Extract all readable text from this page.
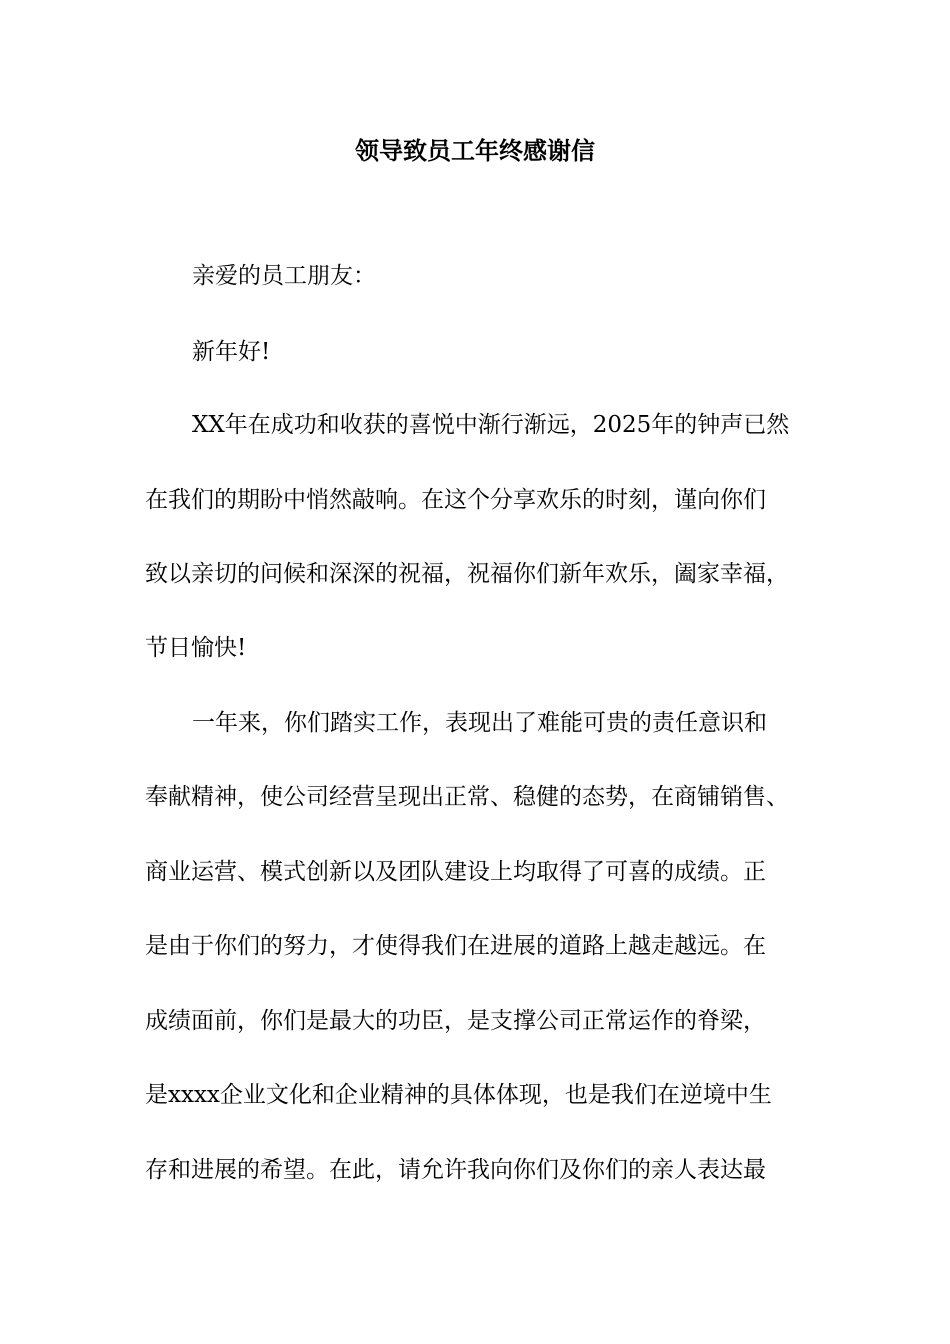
领导致员工年终感谢信
亲爱的员工朋友：
新年好!
XX年在成功和收获的喜悦中渐行渐远，2025年的钟声已然
在我们的期盼中悄然敲响。在这个分享欢乐的时刻，谨向你们
致以亲切的问候和深深的祝福，祝福你们新年欢乐，阖家幸福，
节日愉快!
一年来，你们踏实工作，表现出了难能可贵的责任意识和
奉献精神，使公司经营呈现出正常、稳健的态势，在商铺销售、
商业运营、模式创新以及团队建设上均取得了可喜的成绩。正
是由于你们的努力，才使得我们在进展的道路上越走越远。在
成绩面前，你们是最大的功臣，是支撑公司正常运作的脊梁，
是xxxx企业文化和企业精神的具体体现，也是我们在逆境中生
存和进展的希望。在此，请允许我向你们及你们的亲人表达最
